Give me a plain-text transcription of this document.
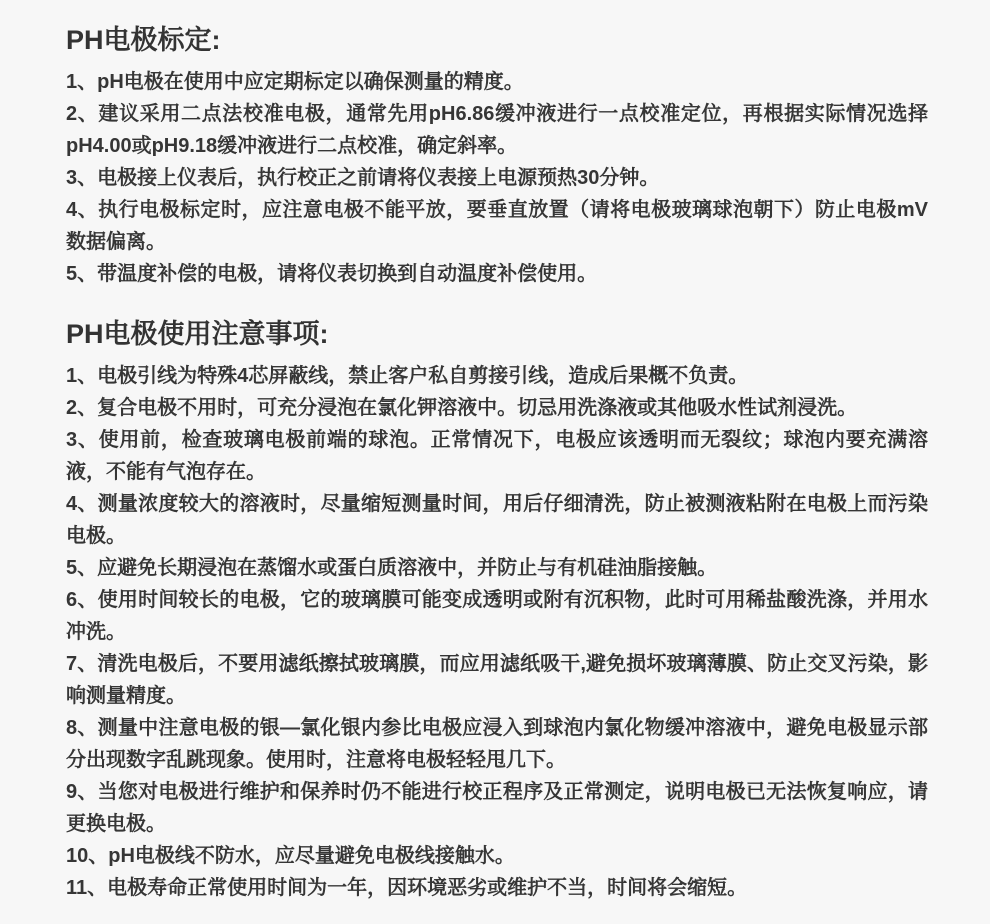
PH电极标定:

1、pH电极在使用中应定期标定以确保测量的精度。

2、建议采用二点法校准电极，通常先用pH6.86缓冲液进行一点校准定位，再根据实际情况选择pH4.00或pH9.18缓冲液进行二点校准，确定斜率。

3、电极接上仪表后，执行校正之前请将仪表接上电源预热30分钟。

4、执行电极标定时，应注意电极不能平放，要垂直放置（请将电极玻璃球泡朝下）防止电极mV数据偏离。

5、带温度补偿的电极，请将仪表切换到自动温度补偿使用。

PH电极使用注意事项:

1、电极引线为特殊4芯屏蔽线，禁止客户私自剪接引线，造成后果概不负责。

2、复合电极不用时，可充分浸泡在氯化钾溶液中。切忌用洗涤液或其他吸水性试剂浸洗。

3、使用前，检查玻璃电极前端的球泡。正常情况下，电极应该透明而无裂纹；球泡内要充满溶液，不能有气泡存在。

4、测量浓度较大的溶液时，尽量缩短测量时间，用后仔细清洗，防止被测液粘附在电极上而污染电极。

5、应避免长期浸泡在蒸馏水或蛋白质溶液中，并防止与有机硅油脂接触。

6、使用时间较长的电极，它的玻璃膜可能变成透明或附有沉积物，此时可用稀盐酸洗涤，并用水冲洗。

7、清洗电极后，不要用滤纸擦拭玻璃膜，而应用滤纸吸干,避免损坏玻璃薄膜、防止交叉污染，影响测量精度。

8、测量中注意电极的银—氯化银内参比电极应浸入到球泡内氯化物缓冲溶液中，避免电极显示部分出现数字乱跳现象。使用时，注意将电极轻轻甩几下。

9、当您对电极进行维护和保养时仍不能进行校正程序及正常测定，说明电极已无法恢复响应，请更换电极。

10、pH电极线不防水，应尽量避免电极线接触水。

11、电极寿命正常使用时间为一年，因环境恶劣或维护不当，时间将会缩短。
